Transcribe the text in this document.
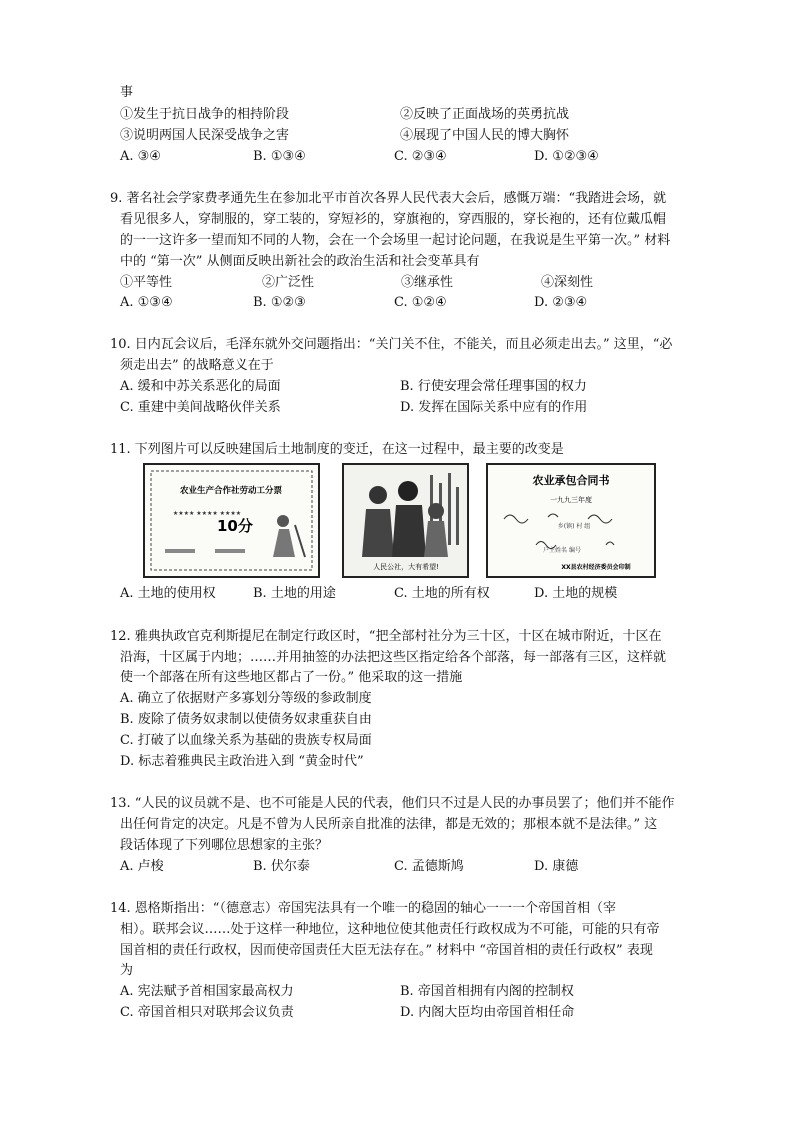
事
①发生于抗日战争的相持阶段	②反映了正面战场的英勇抗战
③说明两国人民深受战争之害	④展现了中国人民的博大胸怀
A. ③④	B. ①③④	C. ②③④	D. ①②③④
9. 著名社会学家费孝通先生在参加北平市首次各界人民代表大会后，感慨万端：“我踏进会场，就
看见很多人，穿制服的，穿工装的，穿短衫的，穿旗袍的，穿西服的，穿长袍的，还有位戴瓜帽
的一一这许多一望而知不同的人物，会在一个会场里一起讨论问题，在我说是生平第一次。” 材料
中的 “第一次” 从侧面反映出新社会的政治生活和社会变革具有
①平等性	②广泛性	③继承性	④深刻性
A. ①③④	B. ①②③	C. ①②④	D. ②③④
10. 日内瓦会议后，毛泽东就外交问题指出：“关门关不住，不能关，而且必须走出去。” 这里，“必
须走出去” 的战略意义在于
A. 缓和中苏关系恶化的局面	B. 行使安理会常任理事国的权力
C. 重建中美间战略伙伴关系	D. 发挥在国际关系中应有的作用
11. 下列图片可以反映建国后土地制度的变迁，在这一过程中，最主要的改变是
农业生产合作社劳动工分票
★★★★ ★★★★ ★★★★
10分
人民公社，大有希望!
农业承包合同书
一九九三年度
乡(镇) 村 组
户主姓名 编号
XX县农村经济委员会印制
A. 土地的使用权	B. 土地的用途	C. 土地的所有权	D. 土地的规模
12. 雅典执政官克利斯提尼在制定行政区时，“把全部村社分为三十区，十区在城市附近，十区在
沿海，十区属于内地；……并用抽签的办法把这些区指定给各个部落，每一部落有三区，这样就
使一个部落在所有这些地区都占了一份。” 他采取的这一措施
A. 确立了依据财产多寡划分等级的参政制度
B. 废除了债务奴隶制以使债务奴隶重获自由
C. 打破了以血缘关系为基础的贵族专权局面
D. 标志着雅典民主政治进入到 “黄金时代”
13. “人民的议员就不是、也不可能是人民的代表，他们只不过是人民的办事员罢了；他们并不能作
出任何肯定的决定。凡是不曾为人民所亲自批准的法律，都是无效的；那根本就不是法律。” 这
段话体现了下列哪位思想家的主张？
A. 卢梭	B. 伏尔泰	C. 孟德斯鸠	D. 康德
14. 恩格斯指出：“（德意志）帝国宪法具有一个唯一的稳固的轴心一一一个帝国首相（宰
相）。联邦会议……处于这样一种地位，这种地位使其他责任行政权成为不可能，可能的只有帝
国首相的责任行政权，因而使帝国责任大臣无法存在。” 材料中 “帝国首相的责任行政权” 表现
为
A. 宪法赋予首相国家最高权力	B. 帝国首相拥有内阁的控制权
C. 帝国首相只对联邦会议负责	D. 内阁大臣均由帝国首相任命
